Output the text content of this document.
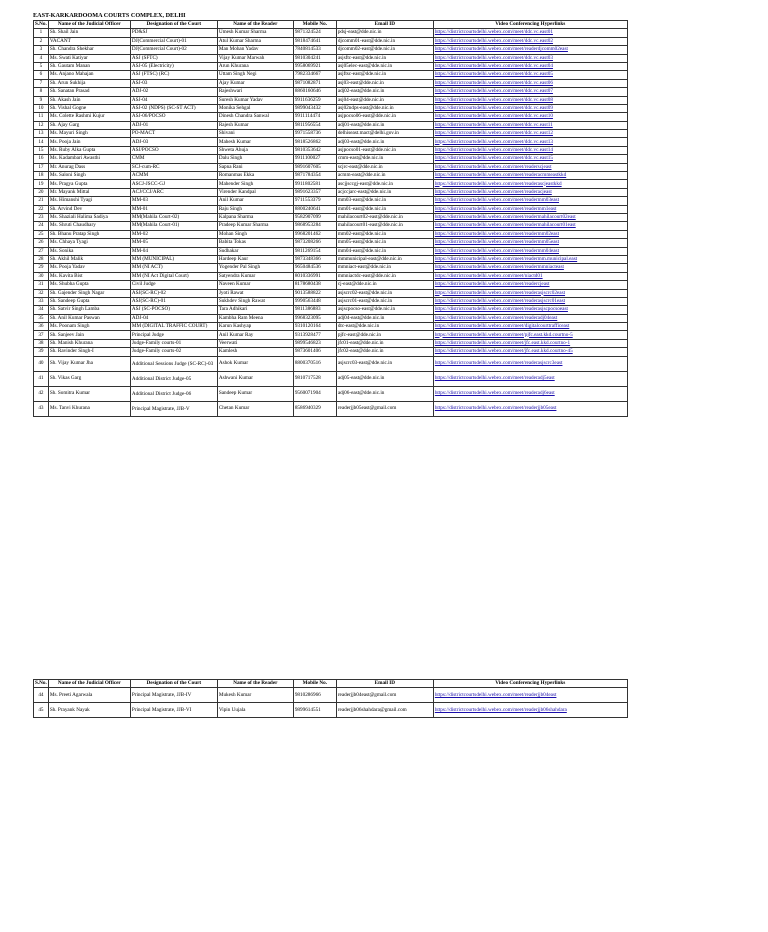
EAST-KARKARDOOMA COURTS COMPLEX, DELHI
S.No.	Name of the Judicial Officer	Designation of the Court	Name of the Reader	Mobile No.	Email ID	Video Conferencing Hyperlinks
1	Sh. Shail Jain	PD&SJ	Umesh Kumar Sharma	9871324524	pdsj-east@dde.nic.in	https://districtcourtsdelhi.webex.com/meet/ddc.vc.east01
2	VACANT	DJ(Commercial Court)-01	Atul Kumar Sharma	9818474641	djcomm01-east@dde.nic.in	https://districtcourtsdelhi.webex.com/meet/ddc.vc.east02
3	Sh. Chandra Shekhar	DJ(Commercial Court)-02	Man Mohan Yadav	7840814533	djcomm02-east@dde.nic.in	https://districtcourtsdelhi.webex.com/meet/readerdjcomm02east
4	Ms. Swati Katiyar	ASJ (SFTC)	Vijay Kumar Marwah	9810304241	asjsftc-east@dde.nic.in	https://districtcourtsdelhi.webex.com/meet/ddc.vc.east03
5	Sh. Gautam Manan	ASJ-05 (Electricity)	Arun Khurana	9958069921	asj05elec-east@dde.nic.in	https://districtcourtsdelhi.webex.com/meet/ddc.vc.east04
6	Ms. Anjano Mahajan	ASJ (FTSC) (RC)	Uttam Singh Negi	7982334667	asjftsc-east@dde.nic.in	https://districtcourtsdelhi.webex.com/meet/ddc.vc.east05
7	Sh. Arun Sukhija	ASJ-03	Ajay Kumar	9871082871	asj03-east@dde.nic.in	https://districtcourtsdelhi.webex.com/meet/ddc.vc.east06
8	Sh. Sanatan Prasad	ADJ-02	Rajeshwari	8860160646	adj02-east@dde.nic.in	https://districtcourtsdelhi.webex.com/meet/ddc.vc.east07
9	Sh. Akash Jain	ASJ-04	Suresh Kumar Yadav	9911636259	asj04-east@dde.nic.in	https://districtcourtsdelhi.webex.com/meet/ddc.vc.east08
10	Sh. Vishal Gogne	ASJ-02 (NDPS) (SC-ST ACT)	Monika Sehgal	9899043432	asj02ndps-east@dde.nic.in	https://districtcourtsdelhi.webex.com/meet/ddc.vc.east09
11	Ms. Colette Rashmi Kujur	ASJ-06/POCSO	Dinesh Chandra Sanwal	9911114474	asjpocso06-east@dde.nic.in	https://districtcourtsdelhi.webex.com/meet/ddc.vc.east10
12	Sh. Ajay Garg	ADJ-01	Rajesh Kumar	9811956554	adj01-east@dde.nic.in	https://districtcourtsdelhi.webex.com/meet/ddc.vc.east11
13	Ms. Mayuri Singh	PO-MACT	Shivani	9971558736	delhiseast.mact@delhi.gov.in	https://districtcourtsdelhi.webex.com/meet/ddc.vc.east12
14	Ms. Pooja Jain	ADJ-03	Mahesh Kumar	9818526862	adj03-east@dde.nic.in	https://districtcourtsdelhi.webex.com/meet/ddc.vc.east13
15	Ms. Ruby Alka Gupta	ASJ/POCSO	Shweta Ahuja	9810353642	asjpocso01-east@dde.nic.in	https://districtcourtsdelhi.webex.com/meet/ddc.vc.east14
16	Ms. Kadambari Awasthi	CMM	Dalu Singh	9911100027	cmm-east@dde.nic.in	https://districtcourtsdelhi.webex.com/meet/ddc.vc.east15
17	Mr. Anurag Dass	SCJ-cum-RC	Sapna Rani	9891607605	scjrc-east@dde.nic.in	https://districtcourtsdelhi.webex.com/meet/readerscjeast
18	Ms. Saloni Singh	ACMM	Romanmas Ekka	9871784354	acmm-east@dde.nic.in	https://districtcourtsdelhi.webex.com/meet/readeracmmeastkkd
19	Ms. Pragya Gupta	ASCJ-JSCC-GJ	Mahender Singh	9911802581	ascjjsccgj-east@dde.nic.in	https://districtcourtsdelhi.webex.com/meet/readerascjeastkkd
20	Mr. Mayank Mittal	ACJ/CCJ/ARC	Virender Kandpal	9891623357	acjccjarc-east@dde.nic.in	https://districtcourtsdelhi.webex.com/meet/readeracjeast
21	Ms. Himanshi Tyagi	MM-03	Anil Kumar	9711553379	mm03-east@dde.nic.in	https://districtcourtsdelhi.webex.com/meet/readermm03east
22	Sh. Arvind Dev	MM-01	Raju Singh	8800240641	mm01-east@dde.nic.in	https://districtcourtsdelhi.webex.com/meet/readermm1east
23	Ms. Shaziali Halima Sadiya	MM(Mahila Court-02)	Kalpana Sharma	9582907099	mahilacourt02-east@dde.nic.in	https://districtcourtsdelhi.webex.com/meet/readermahilacourt02east
24	Ms. Shruti Chaudhary	MM(Mahila Court-01)	Pradeep Kumar Sharma	9868953284	mahilacourt01-east@dde.nic.in	https://districtcourtsdelhi.webex.com/meet/readermahilacourt01east
25	Sh. Bhanu Pratap Singh	MM-02	Mohan Singh	9968201462	mm02-east@dde.nic.in	https://districtcourtsdelhi.webex.com/meet/readermm02east
26	Ms. Chhaya Tyagi	MM-05	Babita Tokas	9873208266	mm05-east@dde.nic.in	https://districtcourtsdelhi.webex.com/meet/readermm05east
27	Ms. Sonika	MM-04	Sudhakar	9811269154	mm04-east@dde.nic.in	https://districtcourtsdelhi.webex.com/meet/readermm04east
28	Sh. Akhil Malik	MM (MUNICIPAL)	Hardeep Kaur	9873348366	mmmunicipal-east@dde.nic.in	https://districtcourtsdelhi.webex.com/meet/readermm.municipal.east
29	Ms. Pooja Yadav	MM (NI ACT)	Yogender Pal Singh	9650484536	mmniact-east@dde.nic.in	https://districtcourtsdelhi.webex.com/meet/readermmniacteast
30	Ms. Kavita Bist	MM (NI Act Digital Court)	Satyendra Kumar	8010336991	mmniactdc-east@dde.nic.in	https://districtcourtsdelhi.webex.com/meet/niactd01
31	Ms. Shubha Gupta	Civil Judge	Naveen Kumar	8178680438	cj-east@dde.nic.in	https://districtcourtsdelhi.webex.com/meet/readercjeast
32	Sh. Gajender Singh Nagar	ASJ(SC-RC)-02	Jyoti Rawat	9013588822	asjscrc02-east@dde.nic.in	https://districtcourtsdelhi.webex.com/meet/readerasjscrc02east
33	Sh. Sandeep Gupta	ASJ(SC-RC)-01	Sukhdev Singh Rawat	9990563448	asjscrc01-east@dde.nic.in	https://districtcourtsdelhi.webex.com/meet/readerasjscrc01east
34	Sh. Satvir Singh Lamba	ASJ (SC-POCSO)	Tara Adhikari	9811386883	asjscpocso-east@dde.nic.in	https://districtcourtsdelhi.webex.com/meet/readerasjscpocsoeast
35	Sh. Anil Kumar Paswan	ADJ-04	Kambha Ram Meena	9968323095	adj04-east@dde.nic.in	https://districtcourtsdelhi.webex.com/meet/readeradj04east
36	Ms. Poonam Singh	MM (DIGITAL TRAFFIC COURT)	Karun Kashyap	9310120164	dtc-east@dde.nic.in	https://districtcourtsdelhi.webex.com/meet/digitalcourttrafficeast
37	Sh. Sanjeev Jain	Principal Judge	Anil Kumar Ray	9313928477	pjfc-east@dde.nic.in	https://districtcourtsdelhi.webex.com/meet/pjfc.east.kkd.courtno-5
38	Sh. Manish Khurana	Judge-Family courts-01	Veerwati	9899546823	jfc01-east@dde.nic.in	https://districtcourtsdelhi.webex.com/meet/jfc.east.kkd.courtno-1
39	Sh. Ravinder Singh-I	Judge-Family courts-02	Kamlesh	9873601406	jfc02-east@dde.nic.in	https://districtcourtsdelhi.webex.com/meet/jfc.east.kkd.courtno-45
40	Sh. Vijay Kumar Jha	Additional Sessions Judge (SC-RC)-03	Ashok Kumar	8800370516	asjscrc03-east@dde.nic.in	https://districtcourtsdelhi.webex.com/meet/readerasjscrc3east
41	Sh. Vikas Garg	Additional District Judge-05	Ashwani Kumar	9810717528	adj05-east@dde.nic.in	https://districtcourtsdelhi.webex.com/meet/readeradj5east
42	Sh. Somitra Kumar	Additional District Judge-06	Sandeep Kumar	9560071904	adj06-east@dde.nic.in	https://districtcourtsdelhi.webex.com/meet/readeradj6east
43	Ms. Tanvi Khurana	Principal Magistrate, JJB-V	Chetan Kumar	8586940329	readerjjb05east@gmail.com	https://districtcourtsdelhi.webex.com/meet/readerjjb05east
S.No.	Name of the Judicial Officer	Designation of the Court	Name of the Reader	Mobile No.	Email ID	Video Conferencing Hyperlinks
44	Ms. Preeti Agarwala	Principal Magistrate, JJB-IV	Mukesh Kumar	9810286966	readerjjb04east@gmail.com	https://districtcourtsdelhi.webex.com/meet/readerjjb04east
45	Sh. Prayank Nayak	Principal Magistrate, JJB-VI	Vipin Uujala	9899614551	readerjjb06shahdara@gmail.com	https://districtcourtsdelhi.webex.com/meet/readerjjb06shahdara
